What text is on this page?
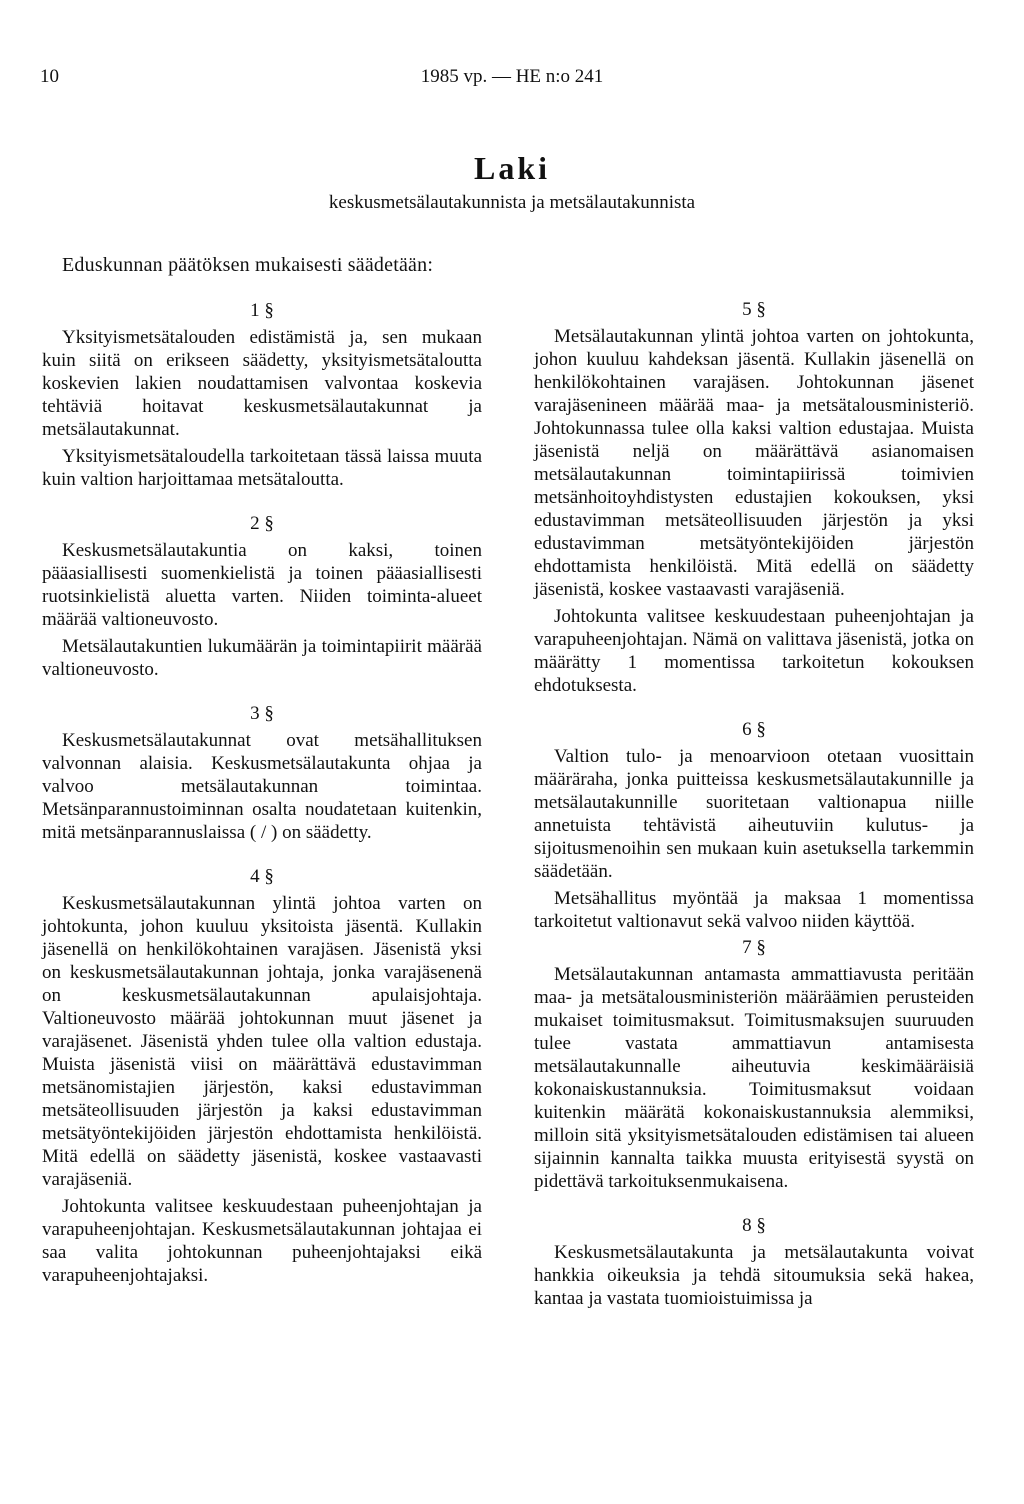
10	1985 vp. — HE n:o 241
Laki
keskusmetsälautakunnista ja metsälautakunnista
Eduskunnan päätöksen mukaisesti säädetään:
1 §

Yksityismetsätalouden edistämistä ja, sen mukaan kuin siitä on erikseen säädetty, yksityismetsätaloutta koskevien lakien noudattamisen valvontaa koskevia tehtäviä hoitavat keskusmetsälautakunnat ja metsälautakunnat.

Yksityismetsätaloudella tarkoitetaan tässä laissa muuta kuin valtion harjoittamaa metsätaloutta.

2 §

Keskusmetsälautakuntia on kaksi, toinen pääasiallisesti suomenkielistä ja toinen pääasiallisesti ruotsinkielistä aluetta varten. Niiden toiminta-alueet määrää valtioneuvosto.

Metsälautakuntien lukumäärän ja toimintapiirit määrää valtioneuvosto.

3 §

Keskusmetsälautakunnat ovat metsähallituksen valvonnan alaisia. Keskusmetsälautakunta ohjaa ja valvoo metsälautakunnan toimintaa. Metsänparannustoiminnan osalta noudatetaan kuitenkin, mitä metsänparannuslaissa ( / ) on säädetty.

4 §

Keskusmetsälautakunnan ylintä johtoa varten on johtokunta, johon kuuluu yksitoista jäsentä. Kullakin jäsenellä on henkilökohtainen varajäsen. Jäsenistä yksi on keskusmetsälautakunnan johtaja, jonka varajäsenenä on keskusmetsälautakunnan apulaisjohtaja. Valtioneuvosto määrää johtokunnan muut jäsenet ja varajäsenet. Jäsenistä yhden tulee olla valtion edustaja. Muista jäsenistä viisi on määrättävä edustavimman metsänomistajien järjestön, kaksi edustavimman metsäteollisuuden järjestön ja kaksi edustavimman metsätyöntekijöiden järjestön ehdottamista henkilöistä. Mitä edellä on säädetty jäsenistä, koskee vastaavasti varajäseniä.

Johtokunta valitsee keskuudestaan puheenjohtajan ja varapuheenjohtajan. Keskusmetsälautakunnan johtajaa ei saa valita johtokunnan puheenjohtajaksi eikä varapuheenjohtajaksi.

5 §

Metsälautakunnan ylintä johtoa varten on johtokunta, johon kuuluu kahdeksan jäsentä. Kullakin jäsenellä on henkilökohtainen varajäsen. Johtokunnan jäsenet varajäsenineen määrää maa- ja metsätalousministeriö. Johtokunnassa tulee olla kaksi valtion edustajaa. Muista jäsenistä neljä on määrättävä asianomaisen metsälautakunnan toimintapiirissä toimivien metsänhoitoyhdistysten edustajien kokouksen, yksi edustavimman metsäteollisuuden järjestön ja yksi edustavimman metsätyöntekijöiden järjestön ehdottamista henkilöistä. Mitä edellä on säädetty jäsenistä, koskee vastaavasti varajäseniä.

Johtokunta valitsee keskuudestaan puheenjohtajan ja varapuheenjohtajan. Nämä on valittava jäsenistä, jotka on määrätty 1 momentissa tarkoitetun kokouksen ehdotuksesta.

6 §

Valtion tulo- ja menoarvioon otetaan vuosittain määräraha, jonka puitteissa keskusmetsälautakunnille ja metsälautakunnille suoritetaan valtionapua niille annetuista tehtävistä aiheutuviin kulutus- ja sijoitusmenoihin sen mukaan kuin asetuksella tarkemmin säädetään.

Metsähallitus myöntää ja maksaa 1 momentissa tarkoitetut valtionavut sekä valvoo niiden käyttöä.

7 §

Metsälautakunnan antamasta ammattiavusta peritään maa- ja metsätalousministeriön määräämien perusteiden mukaiset toimitusmaksut. Toimitusmaksujen suuruuden tulee vastata ammattiavun antamisesta metsälautakunnalle aiheutuvia keskimääräisiä kokonaiskustannuksia. Toimitusmaksut voidaan kuitenkin määrätä kokonaiskustannuksia alemmiksi, milloin sitä yksityismetsätalouden edistämisen tai alueen sijainnin kannalta taikka muusta erityisestä syystä on pidettävä tarkoituksenmukaisena.

8 §

Keskusmetsälautakunta ja metsälautakunta voivat hankkia oikeuksia ja tehdä sitoumuksia sekä hakea, kantaa ja vastata tuomioistuimissa ja
